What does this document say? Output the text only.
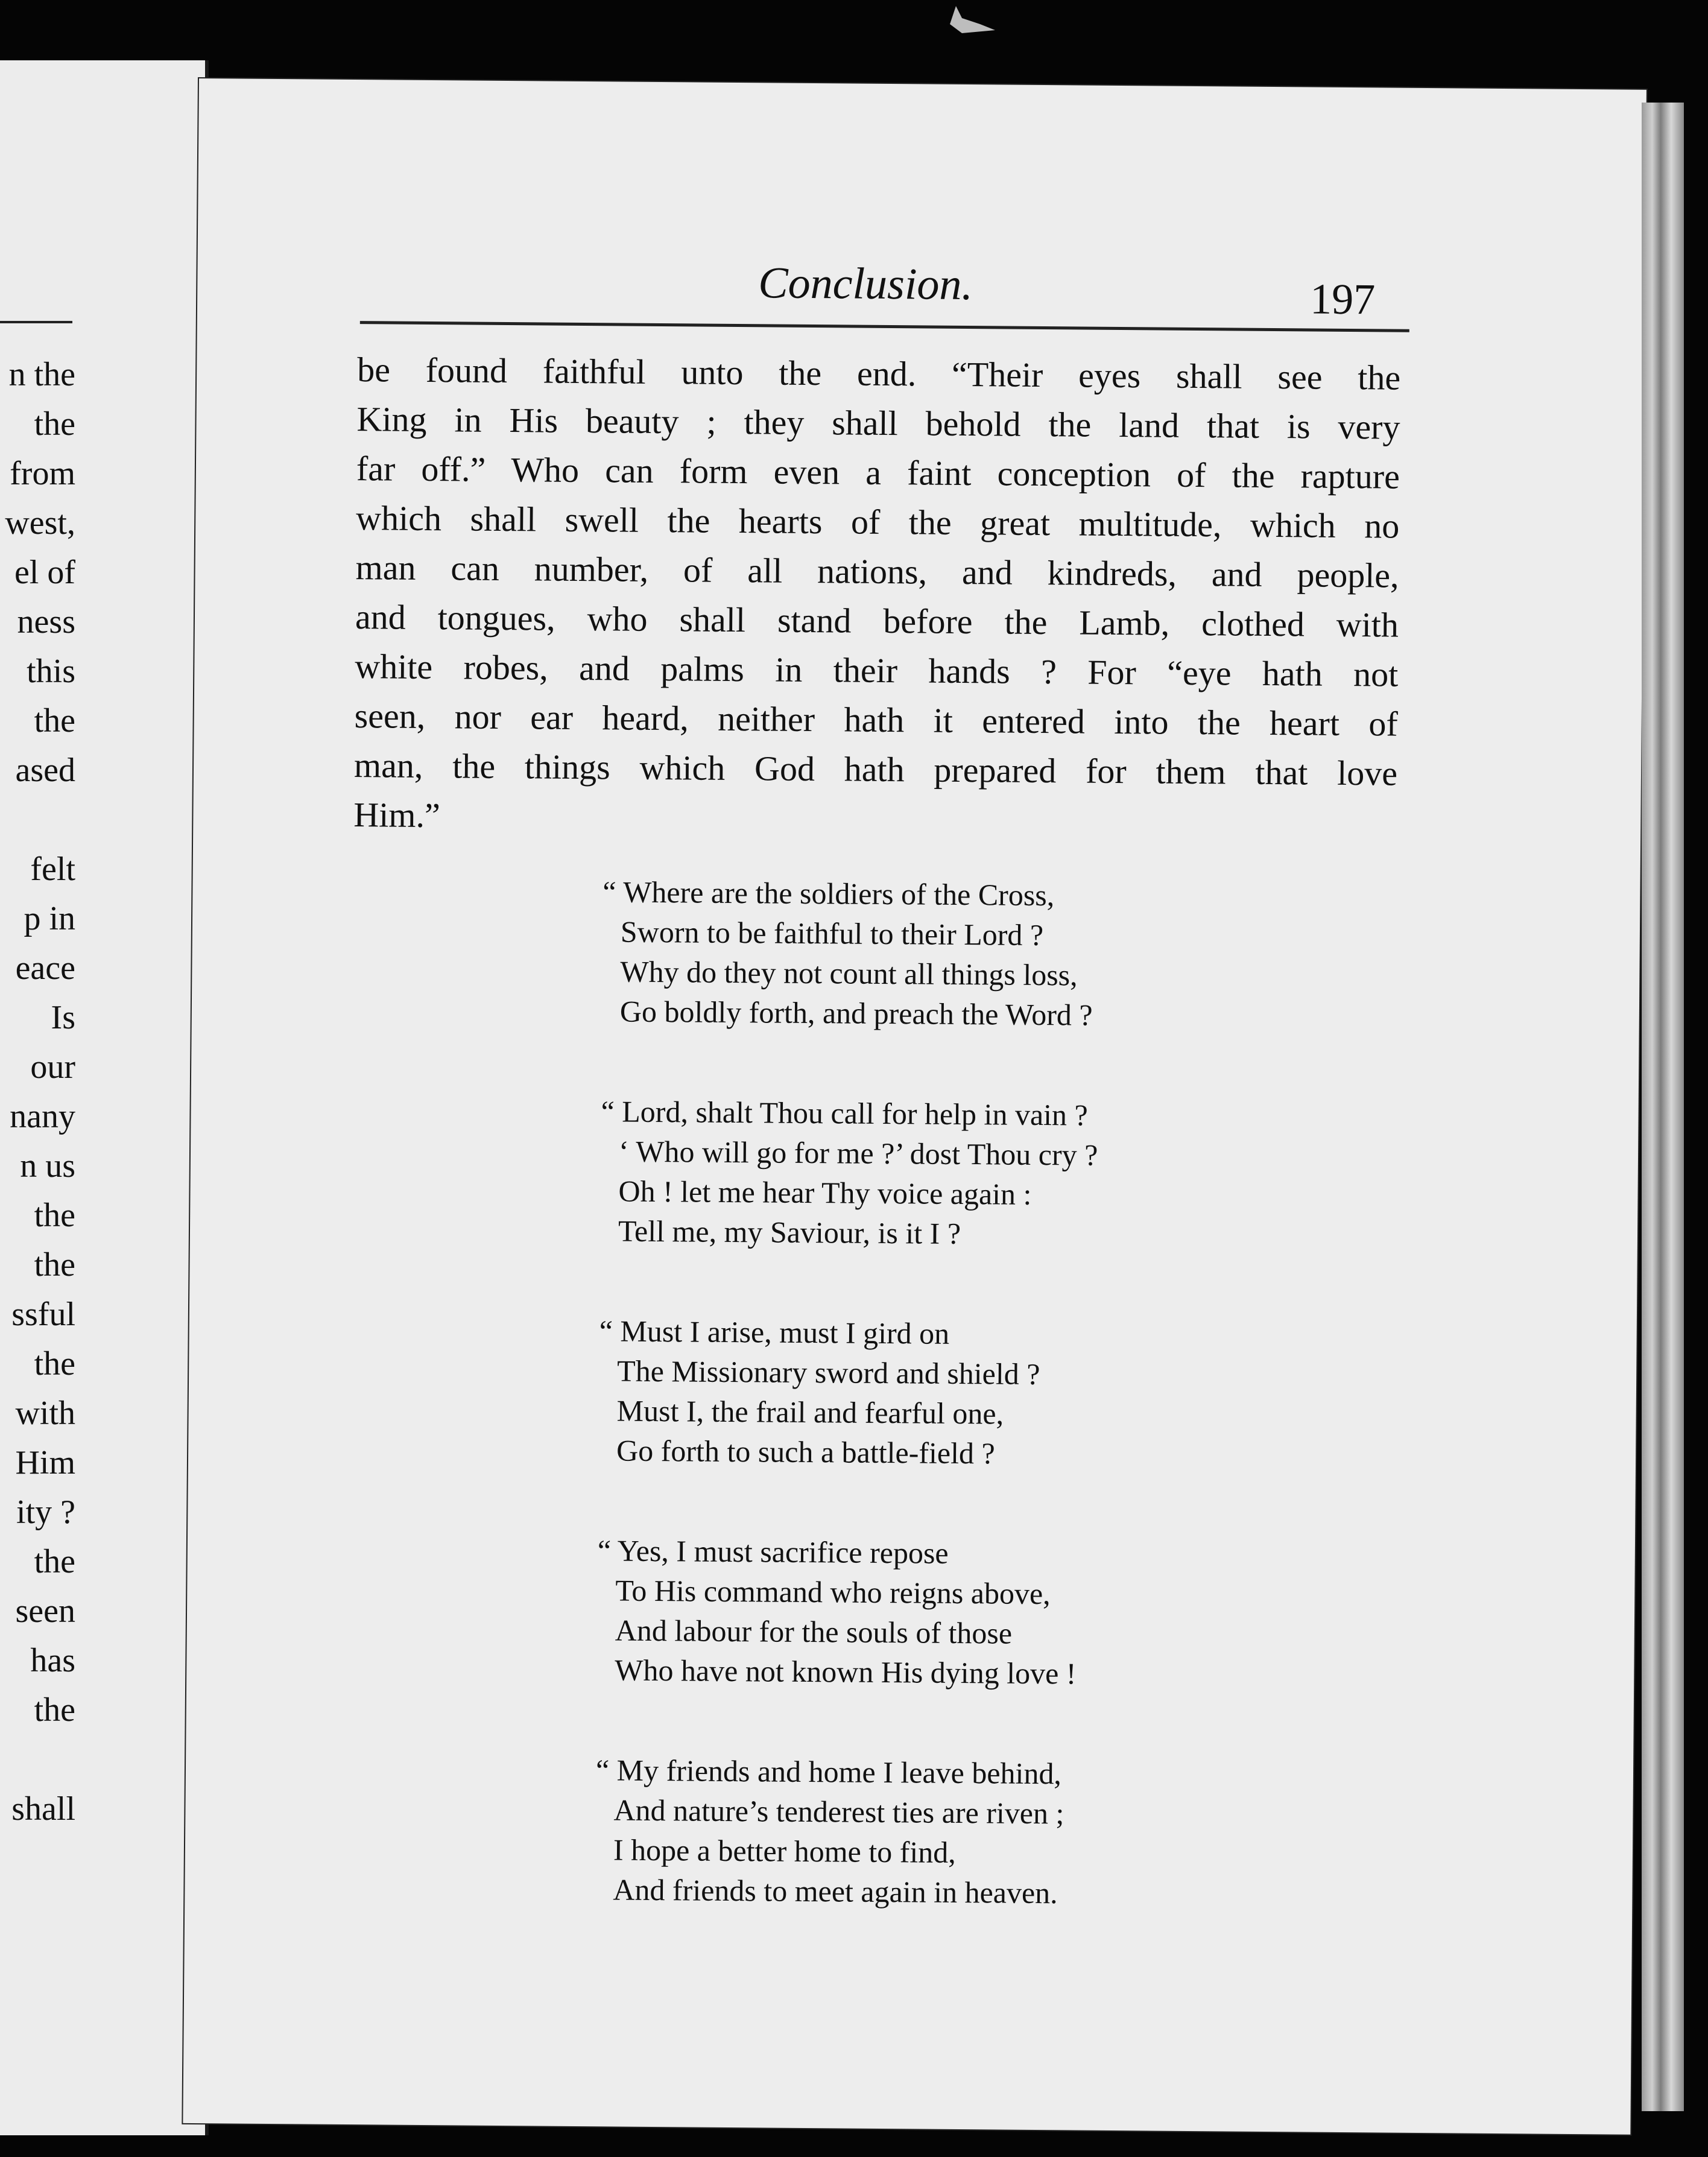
n the
the
from
west,
el of
ness
this
the
ased
felt
p in
eace
Is
our
nany
n us
the
the
ssful
the
with
Him
ity ?
the
seen
has
the
shall
Conclusion.	197
be found faithful unto the end. “Their eyes shall see the
King in His beauty ; they shall behold the land that is very
far off.” Who can form even a faint conception of the rapture
which shall swell the hearts of the great multitude, which no
man can number, of all nations, and kindreds, and people,
and tongues, who shall stand before the Lamb, clothed with
white robes, and palms in their hands ? For “eye hath not
seen, nor ear heard, neither hath it entered into the heart of
man, the things which God hath prepared for them that love
Him.”
“ Where are the soldiers of the Cross,
Sworn to be faithful to their Lord ?
Why do they not count all things loss,
Go boldly forth, and preach the Word ?
“ Lord, shalt Thou call for help in vain ?
‘ Who will go for me ?’ dost Thou cry ?
Oh ! let me hear Thy voice again :
Tell me, my Saviour, is it I ?
“ Must I arise, must I gird on
The Missionary sword and shield ?
Must I, the frail and fearful one,
Go forth to such a battle-field ?
“ Yes, I must sacrifice repose
To His command who reigns above,
And labour for the souls of those
Who have not known His dying love !
“ My friends and home I leave behind,
And nature’s tenderest ties are riven ;
I hope a better home to find,
And friends to meet again in heaven.
